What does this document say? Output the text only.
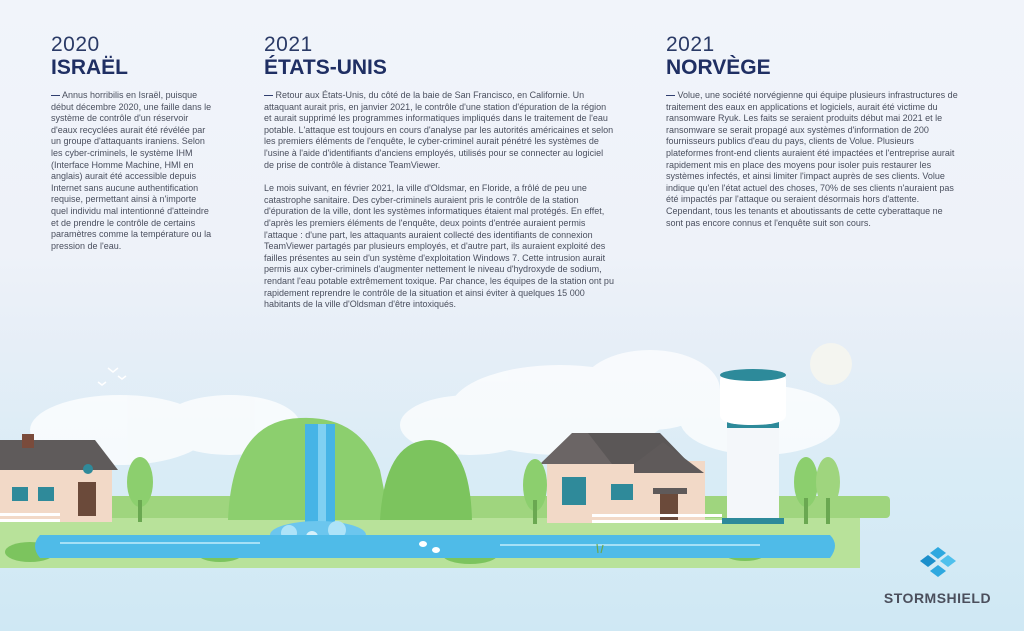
2020
ISRAËL

— Annus horribilis en Israël, puisque début décembre 2020, une faille dans le système de contrôle d'un réservoir d'eaux recyclées aurait été révélée par un groupe d'attaquants iraniens. Selon les cyber-criminels, le système IHM (Interface Homme Machine, HMI en anglais) aurait été accessible depuis Internet sans aucune authentification requise, permettant ainsi à n'importe quel individu mal intentionné d'atteindre et de prendre le contrôle de certains paramètres comme la température ou la pression de l'eau.

2021
ÉTATS-UNIS

— Retour aux États-Unis, du côté de la baie de San Francisco, en Californie. Un attaquant aurait pris, en janvier 2021, le contrôle d'une station d'épuration de la région et aurait supprimé les programmes informatiques impliqués dans le traitement de l'eau potable. L'attaque est toujours en cours d'analyse par les autorités américaines et selon les premiers éléments de l'enquête, le cyber-criminel aurait pénétré les systèmes de l'usine à l'aide d'identifiants d'anciens employés, utilisés pour se connecter au logiciel de prise de contrôle à distance TeamViewer.

Le mois suivant, en février 2021, la ville d'Oldsmar, en Floride, a frôlé de peu une catastrophe sanitaire. Des cyber-criminels auraient pris le contrôle de la station d'épuration de la ville, dont les systèmes informatiques étaient mal protégés. En effet, d'après les premiers éléments de l'enquête, deux points d'entrée auraient permis l'attaque : d'une part, les attaquants auraient collecté des identifiants de connexion TeamViewer partagés par plusieurs employés, et d'autre part, ils auraient exploité des failles présentes au sein d'un système d'exploitation Windows 7. Cette intrusion aurait permis aux cyber-criminels d'augmenter nettement le niveau d'hydroxyde de sodium, rendant l'eau potable extrêmement toxique. Par chance, les équipes de la station ont pu rapidement reprendre le contrôle de la situation et ainsi éviter à quelques 15 000 habitants de la ville d'Oldsman d'être intoxiqués.

2021
NORVÈGE

— Volue, une société norvégienne qui équipe plusieurs infrastructures de traitement des eaux en applications et logiciels, aurait été victime du ransomware Ryuk. Les faits se seraient produits début mai 2021 et le ransomware se serait propagé aux systèmes d'information de 200 fournisseurs publics d'eau du pays, clients de Volue. Plusieurs plateformes front-end clients auraient été impactées et l'entreprise aurait rapidement mis en place des moyens pour isoler puis restaurer les systèmes infectés, et ainsi limiter l'impact auprès de ses clients. Volue indique qu'en l'état actuel des choses, 70% de ses clients n'auraient pas été impactés par l'attaque ou seraient désormais hors d'attente. Cependant, tous les tenants et aboutissants de cette cyberattaque ne sont pas encore connus et l'enquête suit son cours.

STORMSHIELD
